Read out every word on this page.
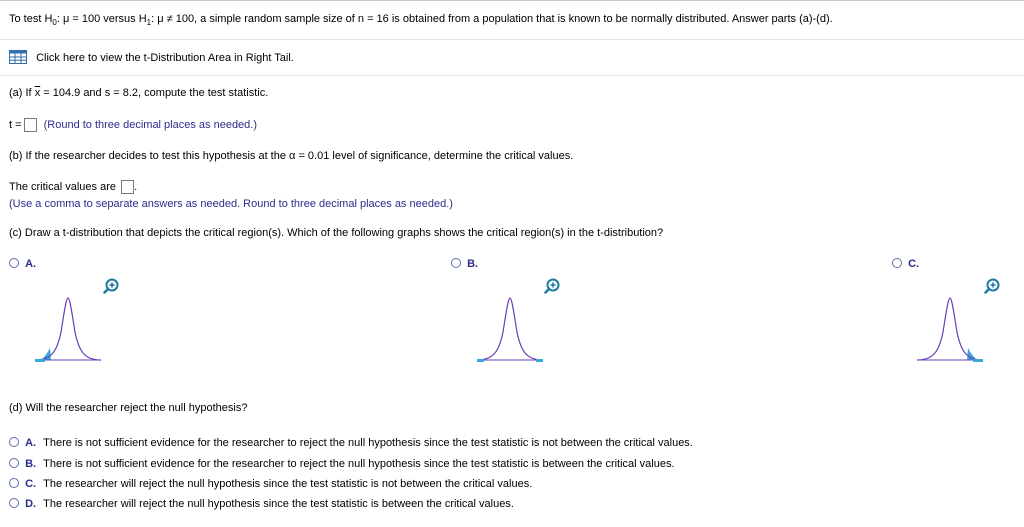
To test $H_0$: μ = 100 versus $H_1$: μ ≠ 100, a simple random sample size of n = 16 is obtained from a population that is known to be normally distributed. Answer parts (a)-(d).
Click here to view the t-Distribution Area in Right Tail.
(a) If $\overline{x} = 104.9$ and s = 8.2, compute the test statistic.
t = (Round to three decimal places as needed.)
(b) If the researcher decides to test this hypothesis at the α = 0.01 level of significance, determine the critical values.
The critical values are .
(Use a comma to separate answers as needed. Round to three decimal places as needed.)
(c) Draw a t-distribution that depicts the critical region(s). Which of the following graphs shows the critical region(s) in the t-distribution?
A.	B.	C.
(d) Will the researcher reject the null hypothesis?
A. There is not sufficient evidence for the researcher to reject the null hypothesis since the test statistic is not between the critical values.
B. There is not sufficient evidence for the researcher to reject the null hypothesis since the test statistic is between the critical values.
C. The researcher will reject the null hypothesis since the test statistic is not between the critical values.
D. The researcher will reject the null hypothesis since the test statistic is between the critical values.
